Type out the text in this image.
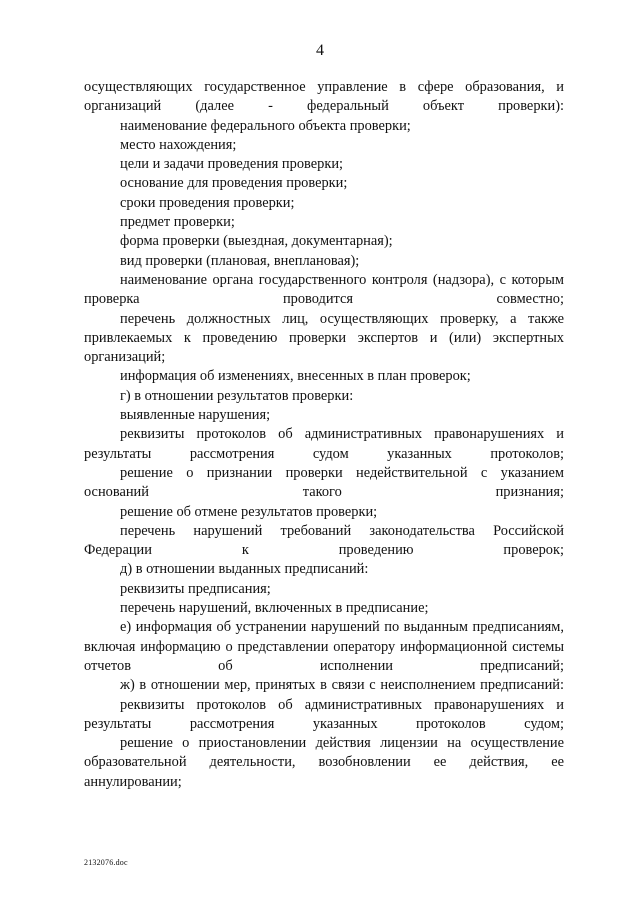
4
осуществляющих государственное управление в сфере образования, и организаций (далее - федеральный объект проверки):
наименование федерального объекта проверки;
место нахождения;
цели и задачи проведения проверки;
основание для проведения проверки;
сроки проведения проверки;
предмет проверки;
форма проверки (выездная, документарная);
вид проверки (плановая, внеплановая);
наименование органа государственного контроля (надзора), с которым проверка проводится совместно;
перечень должностных лиц, осуществляющих проверку, а также привлекаемых к проведению проверки экспертов и (или) экспертных организаций;
информация об изменениях, внесенных в план проверок;
г) в отношении результатов проверки:
выявленные нарушения;
реквизиты протоколов об административных правонарушениях и результаты рассмотрения судом указанных протоколов;
решение о признании проверки недействительной с указанием оснований такого признания;
решение об отмене результатов проверки;
перечень нарушений требований законодательства Российской Федерации к проведению проверок;
д) в отношении выданных предписаний:
реквизиты предписания;
перечень нарушений, включенных в предписание;
е) информация об устранении нарушений по выданным предписаниям, включая информацию о представлении оператору информационной системы отчетов об исполнении предписаний;
ж) в отношении мер, принятых в связи с неисполнением предписаний:
реквизиты протоколов об административных правонарушениях и результаты рассмотрения указанных протоколов судом;
решение о приостановлении действия лицензии на осуществление образовательной деятельности, возобновлении ее действия, ее аннулировании;
2132076.doc
